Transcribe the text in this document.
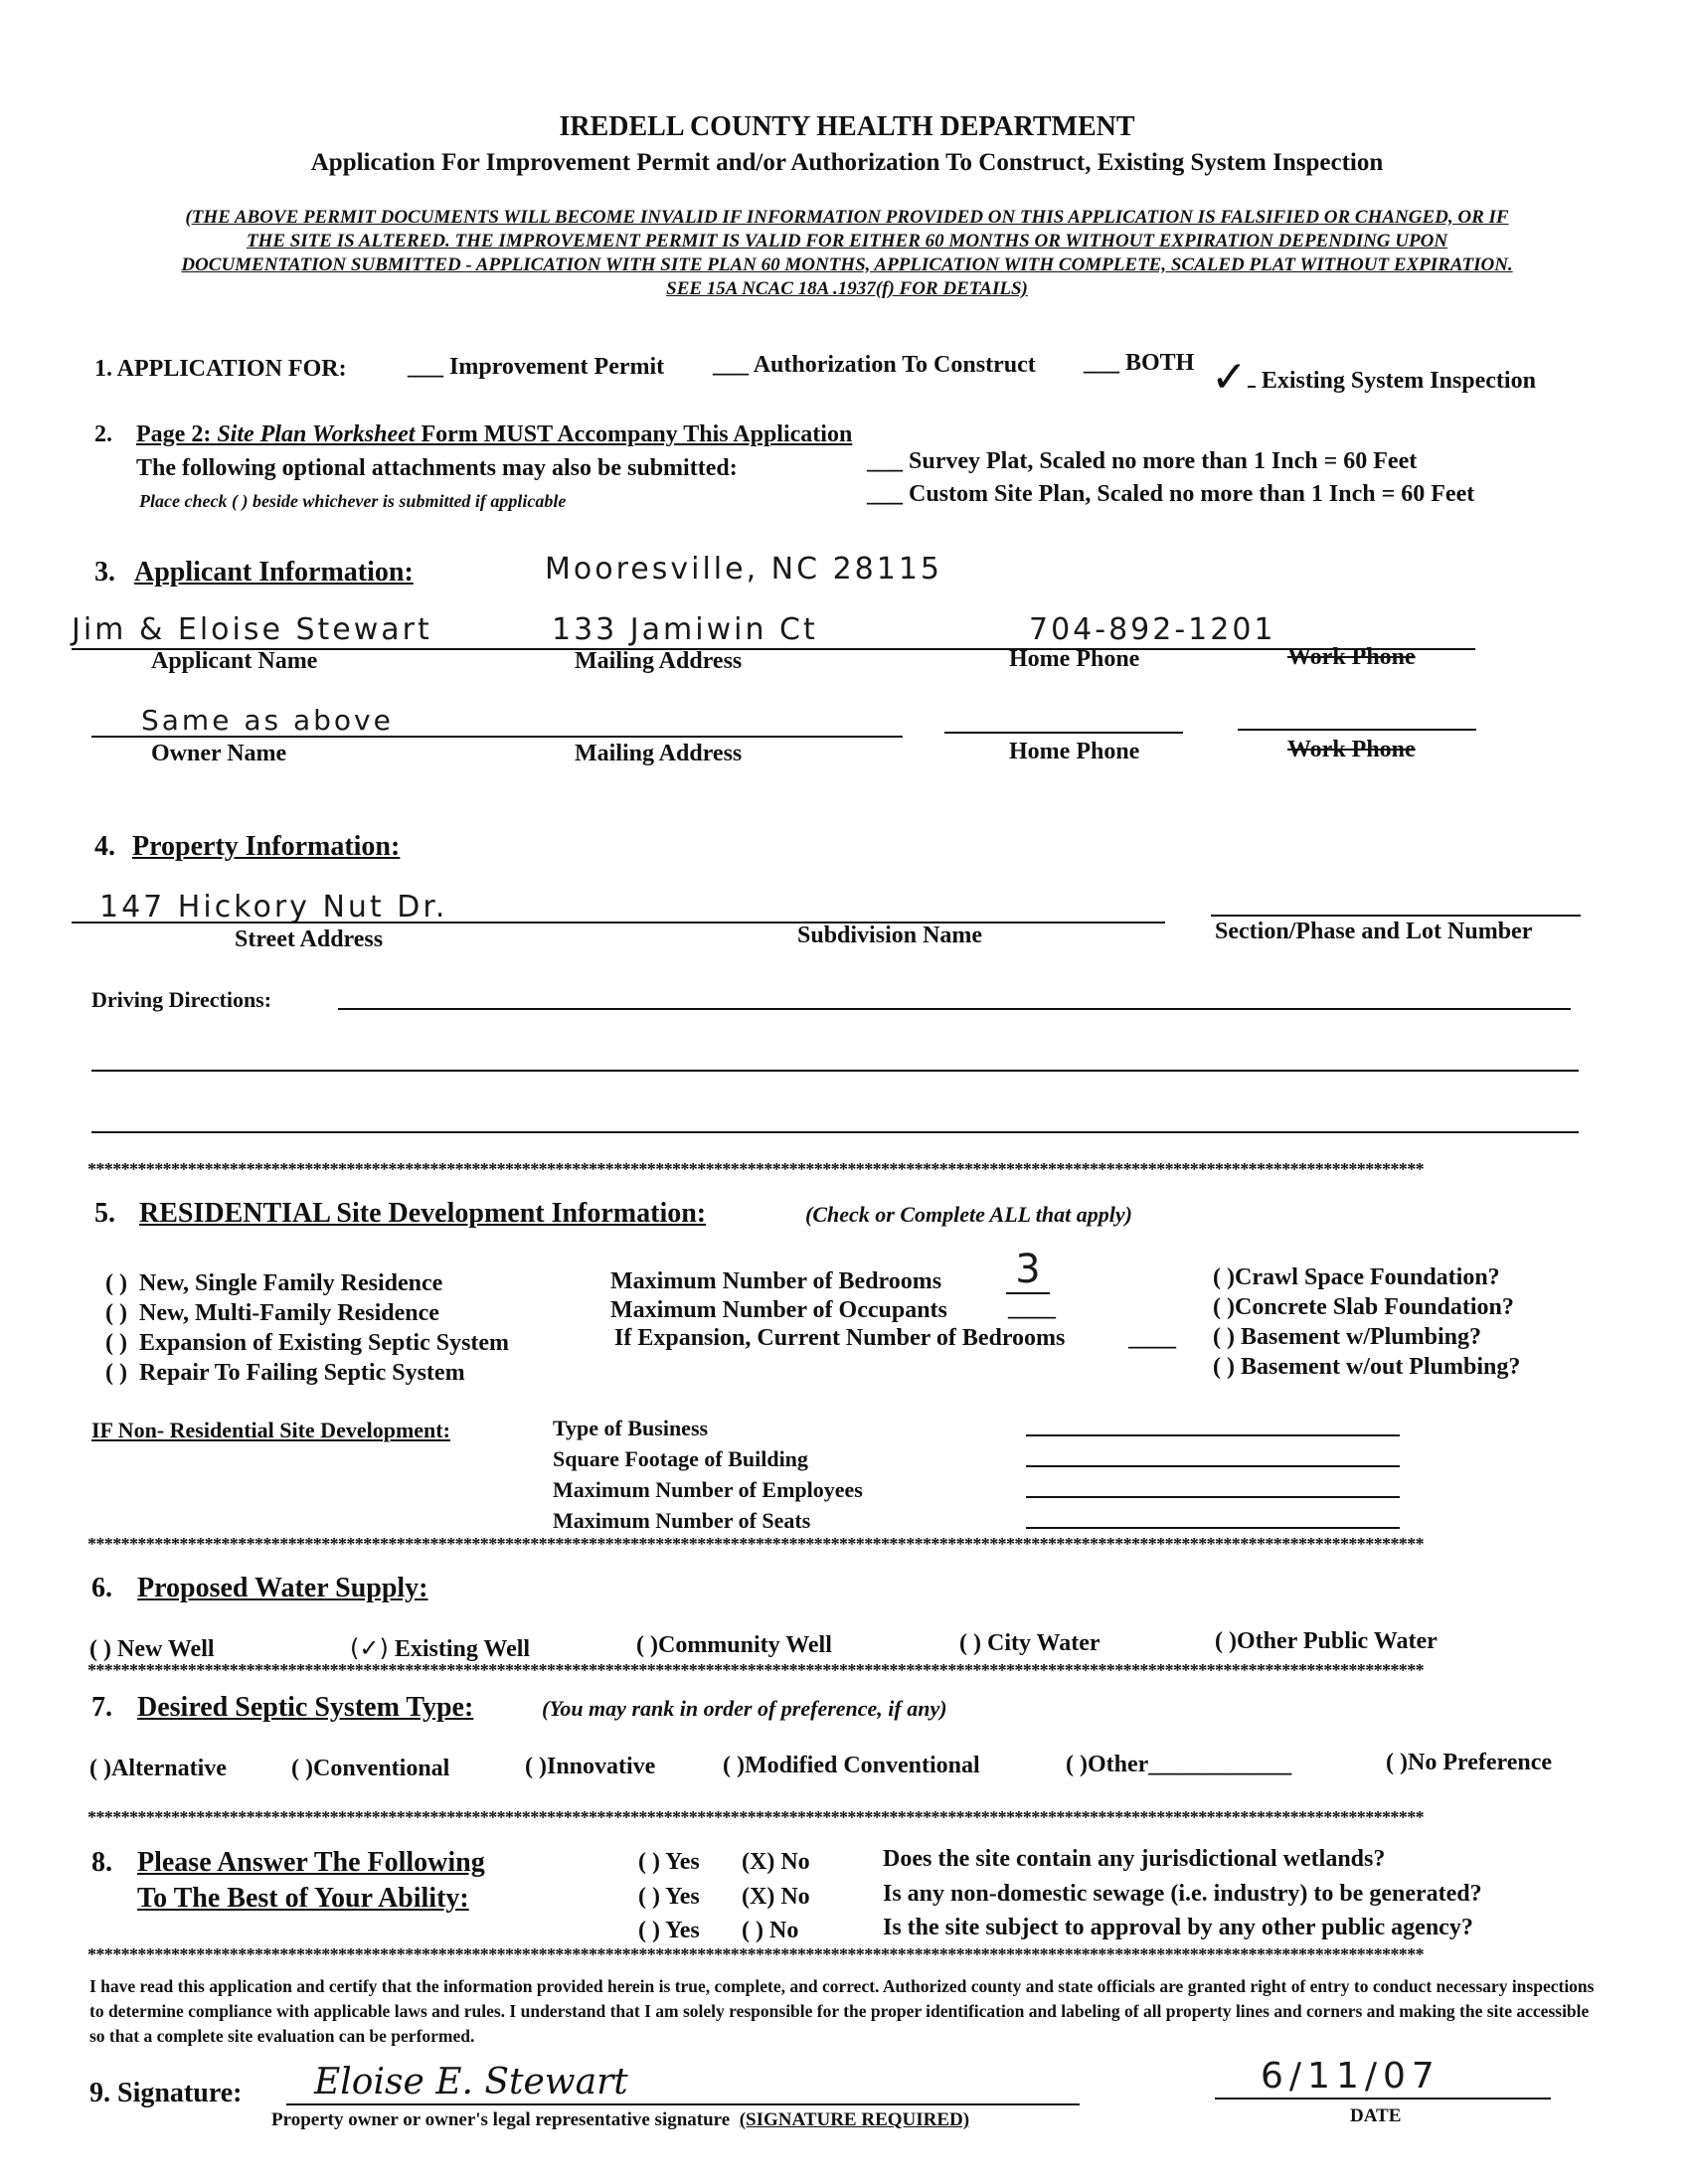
IREDELL COUNTY HEALTH DEPARTMENT
Application For Improvement Permit and/or Authorization To Construct, Existing System Inspection
(THE ABOVE PERMIT DOCUMENTS WILL BECOME INVALID IF INFORMATION PROVIDED ON THIS APPLICATION IS FALSIFIED OR CHANGED, OR IF
THE SITE IS ALTERED. THE IMPROVEMENT PERMIT IS VALID FOR EITHER 60 MONTHS OR WITHOUT EXPIRATION DEPENDING UPON
DOCUMENTATION SUBMITTED - APPLICATION WITH SITE PLAN 60 MONTHS, APPLICATION WITH COMPLETE, SCALED PLAT WITHOUT EXPIRATION.
SEE 15A NCAC 18A .1937(f) FOR DETAILS)
1. APPLICATION FOR:	___ Improvement Permit ___ Authorization To Construct ___ BOTH ✓ Existing System Inspection
2. Page 2: Site Plan Worksheet Form MUST Accompany This Application
The following optional attachments may also be submitted:
Place check ( ) beside whichever is submitted if applicable
___ Survey Plat, Scaled no more than 1 Inch = 60 Feet
___ Custom Site Plan, Scaled no more than 1 Inch = 60 Feet
3. Applicant Information:	Mooresville, NC 28115
Jim & Eloise Stewart	133 Jamiwin Ct	704-892-1201
Applicant Name	Mailing Address	Home Phone	Work Phone
Same as above
Owner Name	Mailing Address	Home Phone	Work Phone
4. Property Information:
147 Hickory Nut Dr.
Street Address	Subdivision Name	Section/Phase and Lot Number
Driving Directions:
****************************************************************************************************************************************************************
5. RESIDENTIAL Site Development Information:	(Check or Complete ALL that apply)
( ) New, Single Family Residence
( ) New, Multi-Family Residence
( ) Expansion of Existing Septic System
( ) Repair To Failing Septic System
Maximum Number of Bedrooms 3
Maximum Number of Occupants	____
If Expansion, Current Number of Bedrooms	____
( )Crawl Space Foundation?
( )Concrete Slab Foundation?
( ) Basement w/Plumbing?
( ) Basement w/out Plumbing?
IF Non- Residential Site Development:	Type of Business
Square Footage of Building
Maximum Number of Employees
Maximum Number of Seats
****************************************************************************************************************************************************************
6. Proposed Water Supply:
( ) New Well	(✓) Existing Well	( )Community Well	( ) City Water	( )Other Public Water
****************************************************************************************************************************************************************
7. Desired Septic System Type:	(You may rank in order of preference, if any)
( )Alternative	( )Conventional	( )Innovative	( )Modified Conventional	( )Other____________	( )No Preference
****************************************************************************************************************************************************************
8. Please Answer The Following
To The Best of Your Ability:
( ) Yes (X) No	Does the site contain any jurisdictional wetlands?
( ) Yes (X) No	Is any non-domestic sewage (i.e. industry) to be generated?
( ) Yes ( ) No	Is the site subject to approval by any other public agency?
****************************************************************************************************************************************************************
I have read this application and certify that the information provided herein is true, complete, and correct. Authorized county and state officials are granted right of entry to conduct necessary inspections to determine compliance with applicable laws and rules. I understand that I am solely responsible for the proper identification and labeling of all property lines and corners and making the site accessible so that a complete site evaluation can be performed.
9. Signature: Eloise E. Stewart
Property owner or owner's legal representative signature (SIGNATURE REQUIRED)
6/11/07
DATE
